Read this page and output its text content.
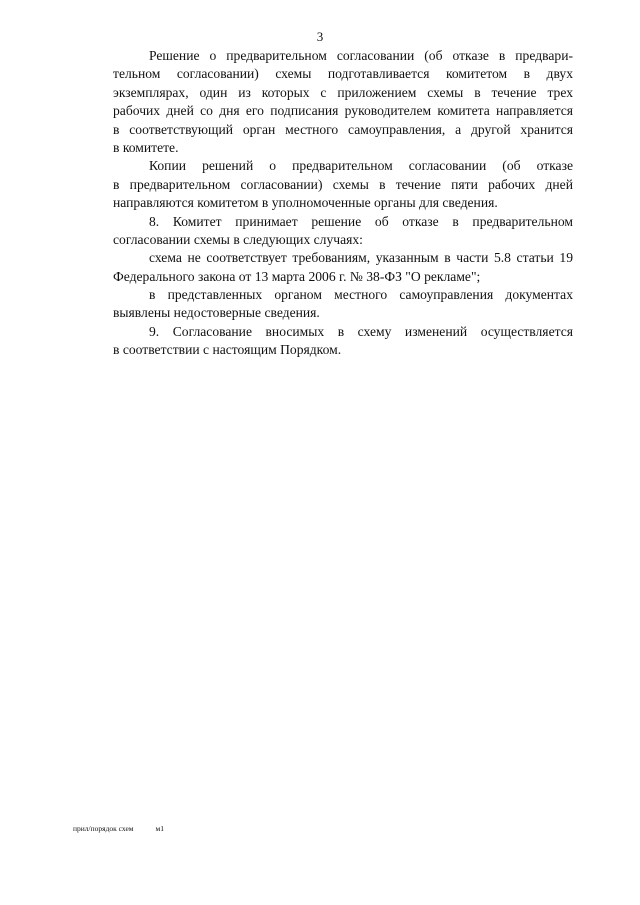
3
Решение о предварительном согласовании (об отказе в предвари-
тельном согласовании) схемы подготавливается комитетом в двух
экземплярах, один из которых с приложением схемы в течение трех
рабочих дней со дня его подписания руководителем комитета направляется
в соответствующий орган местного самоуправления, а другой хранится
в комитете.
Копии решений о предварительном согласовании (об отказе
в предварительном согласовании) схемы в течение пяти рабочих дней
направляются комитетом в уполномоченные органы для сведения.
8. Комитет принимает решение об отказе в предварительном
согласовании схемы в следующих случаях:
схема не соответствует требованиям, указанным в части 5.8 статьи 19
Федерального закона от 13 марта 2006 г. № 38-ФЗ "О рекламе";
в представленных органом местного самоуправления документах
выявлены недостоверные сведения.
9. Согласование вносимых в схему изменений осуществляется
в соответствии с настоящим Порядком.
прил/порядок схем	м1
